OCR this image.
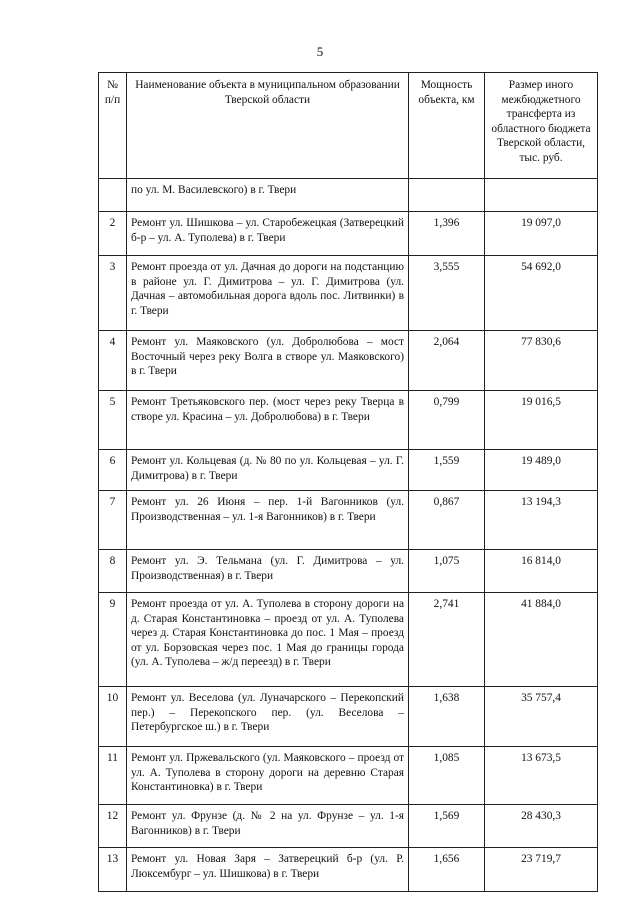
5
№ п/п	Наименование объекта в муниципальном образовании Тверской области	Мощность объекта, км	Размер иного межбюджетного трансферта из областного бюджета Тверской области, тыс. руб.
	по ул. М. Василевского) в г. Твери		
2	Ремонт ул. Шишкова – ул. Старобежецкая (Затверецкий б-р – ул. А. Туполева) в г. Твери	1,396	19 097,0
3	Ремонт проезда от ул. Дачная до дороги на подстанцию в районе ул. Г. Димитрова – ул. Г. Димитрова (ул. Дачная – автомобильная дорога вдоль пос. Литвинки) в г. Твери	3,555	54 692,0
4	Ремонт ул. Маяковского (ул. Добролюбова – мост Восточный через реку Волга в створе ул. Маяковского) в г. Твери	2,064	77 830,6
5	Ремонт Третьяковского пер. (мост через реку Тверца в створе ул. Красина – ул. Добролюбова) в г. Твери	0,799	19 016,5
6	Ремонт ул. Кольцевая (д. № 80 по ул. Кольцевая – ул. Г. Димитрова) в г. Твери	1,559	19 489,0
7	Ремонт ул. 26 Июня – пер. 1-й Вагонников (ул. Производственная – ул. 1-я Вагонников) в г. Твери	0,867	13 194,3
8	Ремонт ул. Э. Тельмана (ул. Г. Димитрова – ул. Производственная) в г. Твери	1,075	16 814,0
9	Ремонт проезда от ул. А. Туполева в сторону дороги на д. Старая Константиновка – проезд от ул. А. Туполева через д. Старая Константиновка до пос. 1 Мая – проезд от ул. Борзовская через пос. 1 Мая до границы города (ул. А. Туполева – ж/д переезд) в г. Твери	2,741	41 884,0
10	Ремонт ул. Веселова (ул. Луначарского – Перекопский пер.) – Перекопского пер. (ул. Веселова – Петербургское ш.) в г. Твери	1,638	35 757,4
11	Ремонт ул. Пржевальского (ул. Маяковского – проезд от ул. А. Туполева в сторону дороги на деревню Старая Константиновка) в г. Твери	1,085	13 673,5
12	Ремонт ул. Фрунзе (д. № 2 на ул. Фрунзе – ул. 1-я Вагонников) в г. Твери	1,569	28 430,3
13	Ремонт ул. Новая Заря – Затверецкий б-р (ул. Р. Люксембург – ул. Шишкова) в г. Твери	1,656	23 719,7
